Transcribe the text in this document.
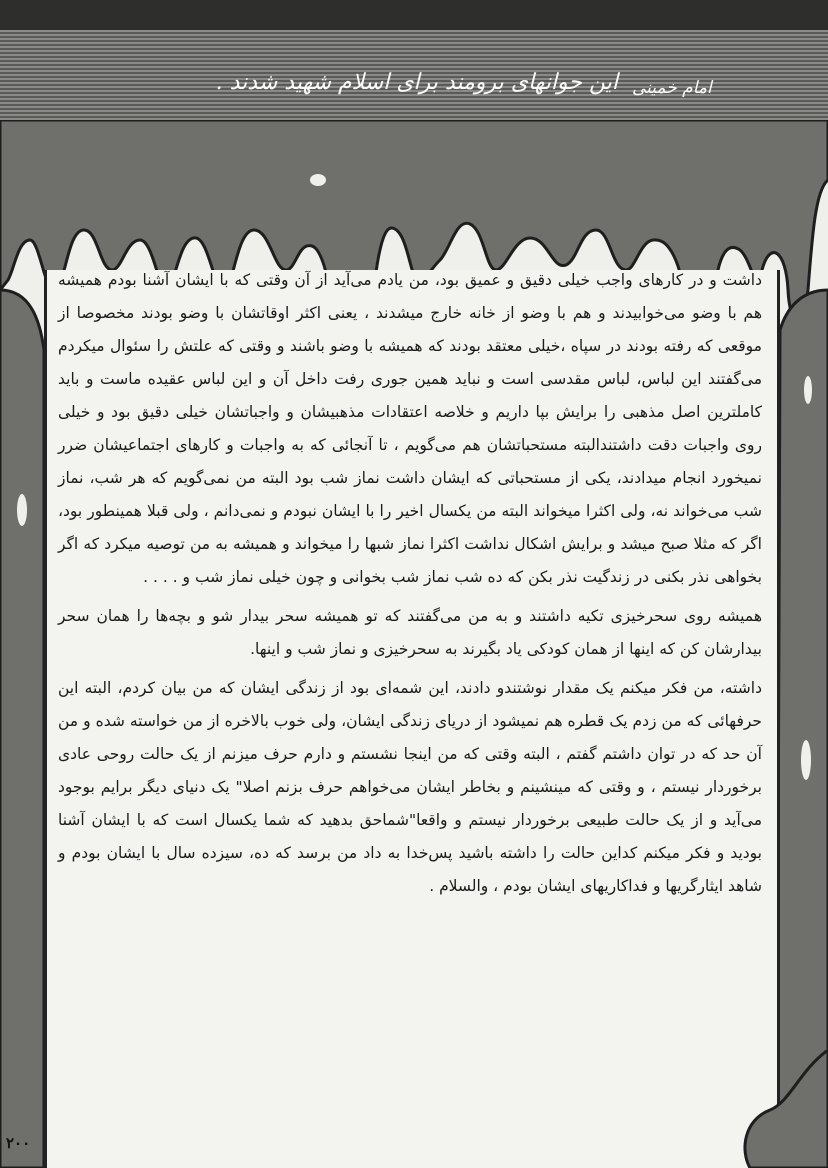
این جوانهای برومند برای اسلام شهید شدند . امام خمینی

داشت و در کارهای واجب خیلی دقیق و عمیق بود، من یادم می‌آید از آن وقتی که با ایشان آشنا بودم همیشه هم با وضو می‌خوابیدند و هم با وضو از خانه خارج میشدند ، یعنی اکثر اوقاتشان با وضو بودند مخصوصا از موقعی که رفته بودند در سپاه ،خیلی معتقد بودند که همیشه با وضو باشند و وقتی که علتش را سئوال میکردم می‌گفتند این لباس، لباس مقدسی است و نباید همین جوری رفت داخل آن و این لباس عقیده ماست و باید کاملترین اصل مذهبی را برایش بپا داریم و خلاصه اعتقادات مذهبیشان و واجباتشان خیلی دقیق بود و خیلی روی واجبات دقت داشتندالبته مستحباتشان هم می‌گویم ، تا آنجائی که به واجبات و کارهای اجتماعیشان ضرر نمیخورد انجام میدادند، یکی از مستحباتی که ایشان داشت نماز شب بود البته من نمی‌گویم که هر شب، نماز شب می‌خواند نه، ولی اکثرا میخواند البته من یکسال اخیر را با ایشان نبودم و نمی‌دانم ، ولی قبلا همینطور بود، اگر که مثلا صبح میشد و برایش اشکال نداشت اکثرا نماز شبها را میخواند و همیشه به من توصیه میکرد که اگر بخواهی نذر بکنی در زندگیت نذر بکن که ده شب نماز شب بخوانی و چون خیلی نماز شب و . . . .

همیشه روی سحرخیزی تکیه داشتند و به من می‌گفتند که تو همیشه سحر بیدار شو و بچه‌ها را همان سحر بیدارشان کن که اینها از همان کودکی یاد بگیرند به سحرخیزی و نماز شب و اینها.

داشته، من فکر میکنم یک مقدار نوشتندو دادند، این شمه‌ای بود از زندگی ایشان که من بیان کردم، البته این حرفهائی که من زدم یک قطره هم نمیشود از دریای زندگی ایشان، ولی خوب بالاخره از من خواسته شده و من آن حد که در توان داشتم گفتم ، البته وقتی که من اینجا نشستم و دارم حرف میزنم از یک حالت روحی عادی برخوردار نیستم ، و وقتی که مینشینم و بخاطر ایشان می‌خواهم حرف بزنم اصلا" یک دنیای دیگر برایم بوجود می‌آید و از یک حالت طبیعی برخوردار نیستم و واقعا"شماحق بدهید که شما یکسال است که با ایشان آشنا بودید و فکر میکنم کداین حالت را داشته باشید پس‌خدا به داد من برسد که ده، سیزده سال با ایشان بودم و شاهد ایثارگریها و فداکاریهای ایشان بودم ، والسلام .

۲۰۰
